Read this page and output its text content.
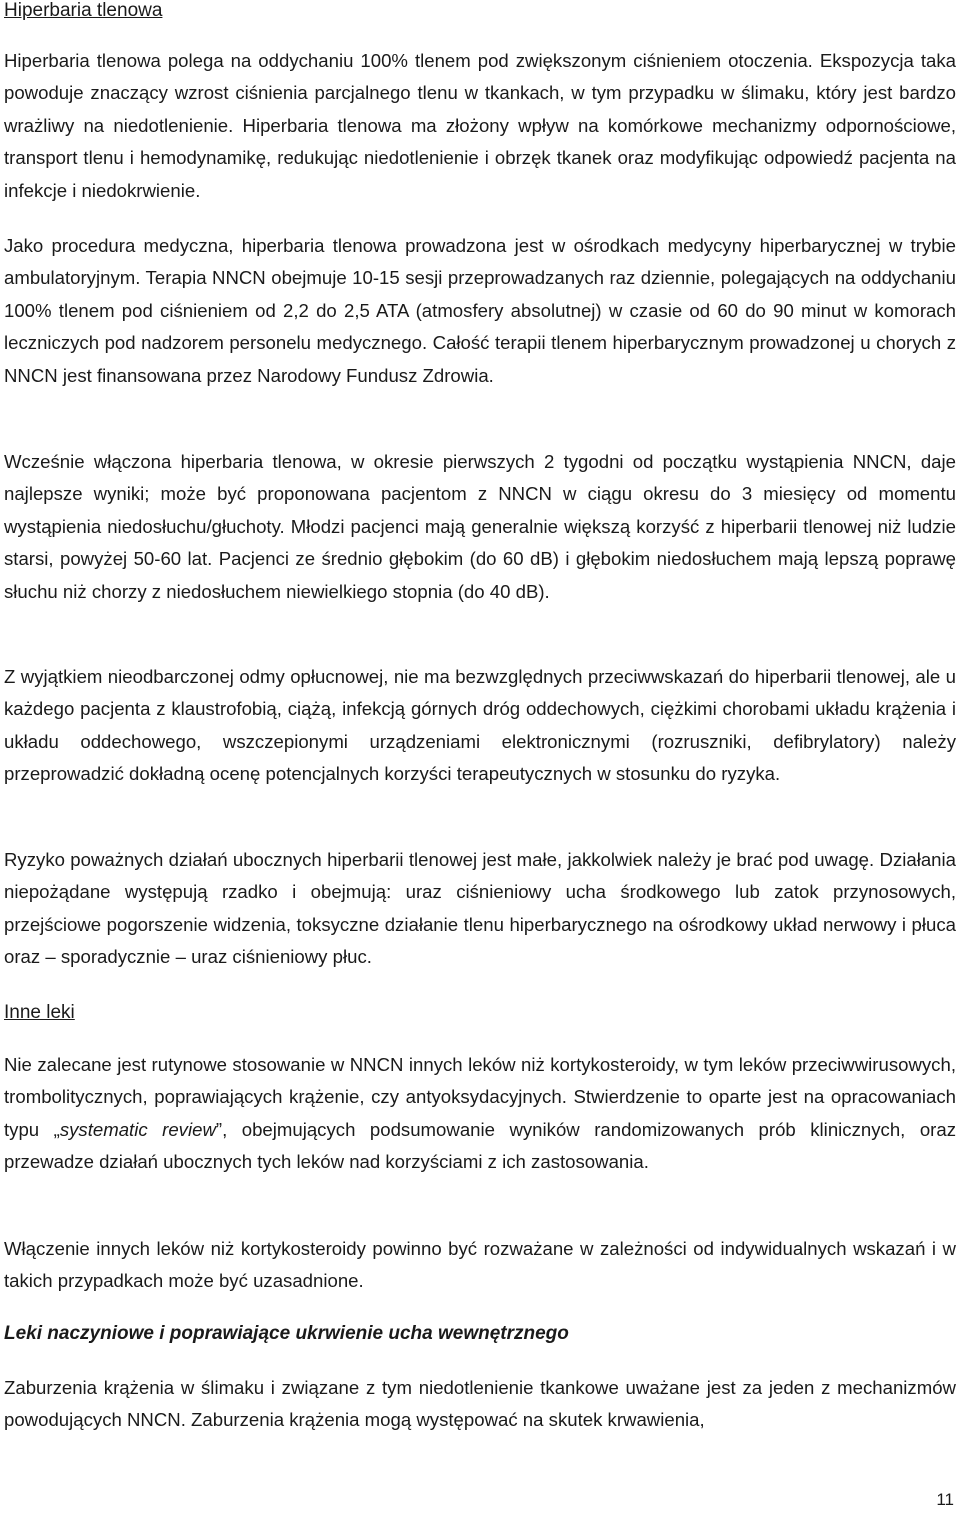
Hiperbaria tlenowa

Hiperbaria tlenowa polega na oddychaniu 100% tlenem pod zwiększonym ciśnieniem otoczenia. Ekspozycja taka powoduje znaczący wzrost ciśnienia parcjalnego tlenu w tkankach, w tym przypadku w ślimaku, który jest bardzo wrażliwy na niedotlenienie. Hiperbaria tlenowa ma złożony wpływ na komórkowe mechanizmy odpornościowe, transport tlenu i hemodynamikę, redukując niedotlenienie i obrzęk tkanek oraz modyfikując odpowiedź pacjenta na infekcje i niedokrwienie.

Jako procedura medyczna, hiperbaria tlenowa prowadzona jest w ośrodkach medycyny hiperbarycznej w trybie ambulatoryjnym. Terapia NNCN obejmuje 10-15 sesji przeprowadzanych raz dziennie, polegających na oddychaniu 100% tlenem pod ciśnieniem od 2,2 do 2,5 ATA (atmosfery absolutnej) w czasie od 60 do 90 minut w komorach leczniczych pod nadzorem personelu medycznego. Całość terapii tlenem hiperbarycznym prowadzonej u chorych z NNCN jest finansowana przez Narodowy Fundusz Zdrowia.

Wcześnie włączona hiperbaria tlenowa, w okresie pierwszych 2 tygodni od początku wystąpienia NNCN, daje najlepsze wyniki; może być proponowana pacjentom z NNCN w ciągu okresu do 3 miesięcy od momentu wystąpienia niedosłuchu/głuchoty. Młodzi pacjenci mają generalnie większą korzyść z hiperbarii tlenowej niż ludzie starsi, powyżej 50-60 lat. Pacjenci ze średnio głębokim (do 60 dB) i głębokim niedosłuchem mają lepszą poprawę słuchu niż chorzy z niedosłuchem niewielkiego stopnia (do 40 dB).

Z wyjątkiem nieodbarczonej odmy opłucnowej, nie ma bezwzględnych przeciwwskazań do hiperbarii tlenowej, ale u każdego pacjenta z klaustrofobią, ciążą, infekcją górnych dróg oddechowych, ciężkimi chorobami układu krążenia i układu oddechowego, wszczepionymi urządzeniami elektronicznymi (rozruszniki, defibrylatory) należy przeprowadzić dokładną ocenę potencjalnych korzyści terapeutycznych w stosunku do ryzyka.

Ryzyko poważnych działań ubocznych hiperbarii tlenowej jest małe, jakkolwiek należy je brać pod uwagę. Działania niepożądane występują rzadko i obejmują: uraz ciśnieniowy ucha środkowego lub zatok przynosowych, przejściowe pogorszenie widzenia, toksyczne działanie tlenu hiperbarycznego na ośrodkowy układ nerwowy i płuca oraz – sporadycznie – uraz ciśnieniowy płuc.

Inne leki

Nie zalecane jest rutynowe stosowanie w NNCN innych leków niż kortykosteroidy, w tym leków przeciwwirusowych, trombolitycznych, poprawiających krążenie, czy antyoksydacyjnych. Stwierdzenie to oparte jest na opracowaniach typu „systematic review”, obejmujących podsumowanie wyników randomizowanych prób klinicznych, oraz przewadze działań ubocznych tych leków nad korzyściami z ich zastosowania.

Włączenie innych leków niż kortykosteroidy powinno być rozważane w zależności od indywidualnych wskazań i w takich przypadkach może być uzasadnione.

Leki naczyniowe i poprawiające ukrwienie ucha wewnętrznego

Zaburzenia krążenia w ślimaku i związane z tym niedotlenienie tkankowe uważane jest za jeden z mechanizmów powodujących NNCN. Zaburzenia krążenia mogą występować na skutek krwawienia,

11
